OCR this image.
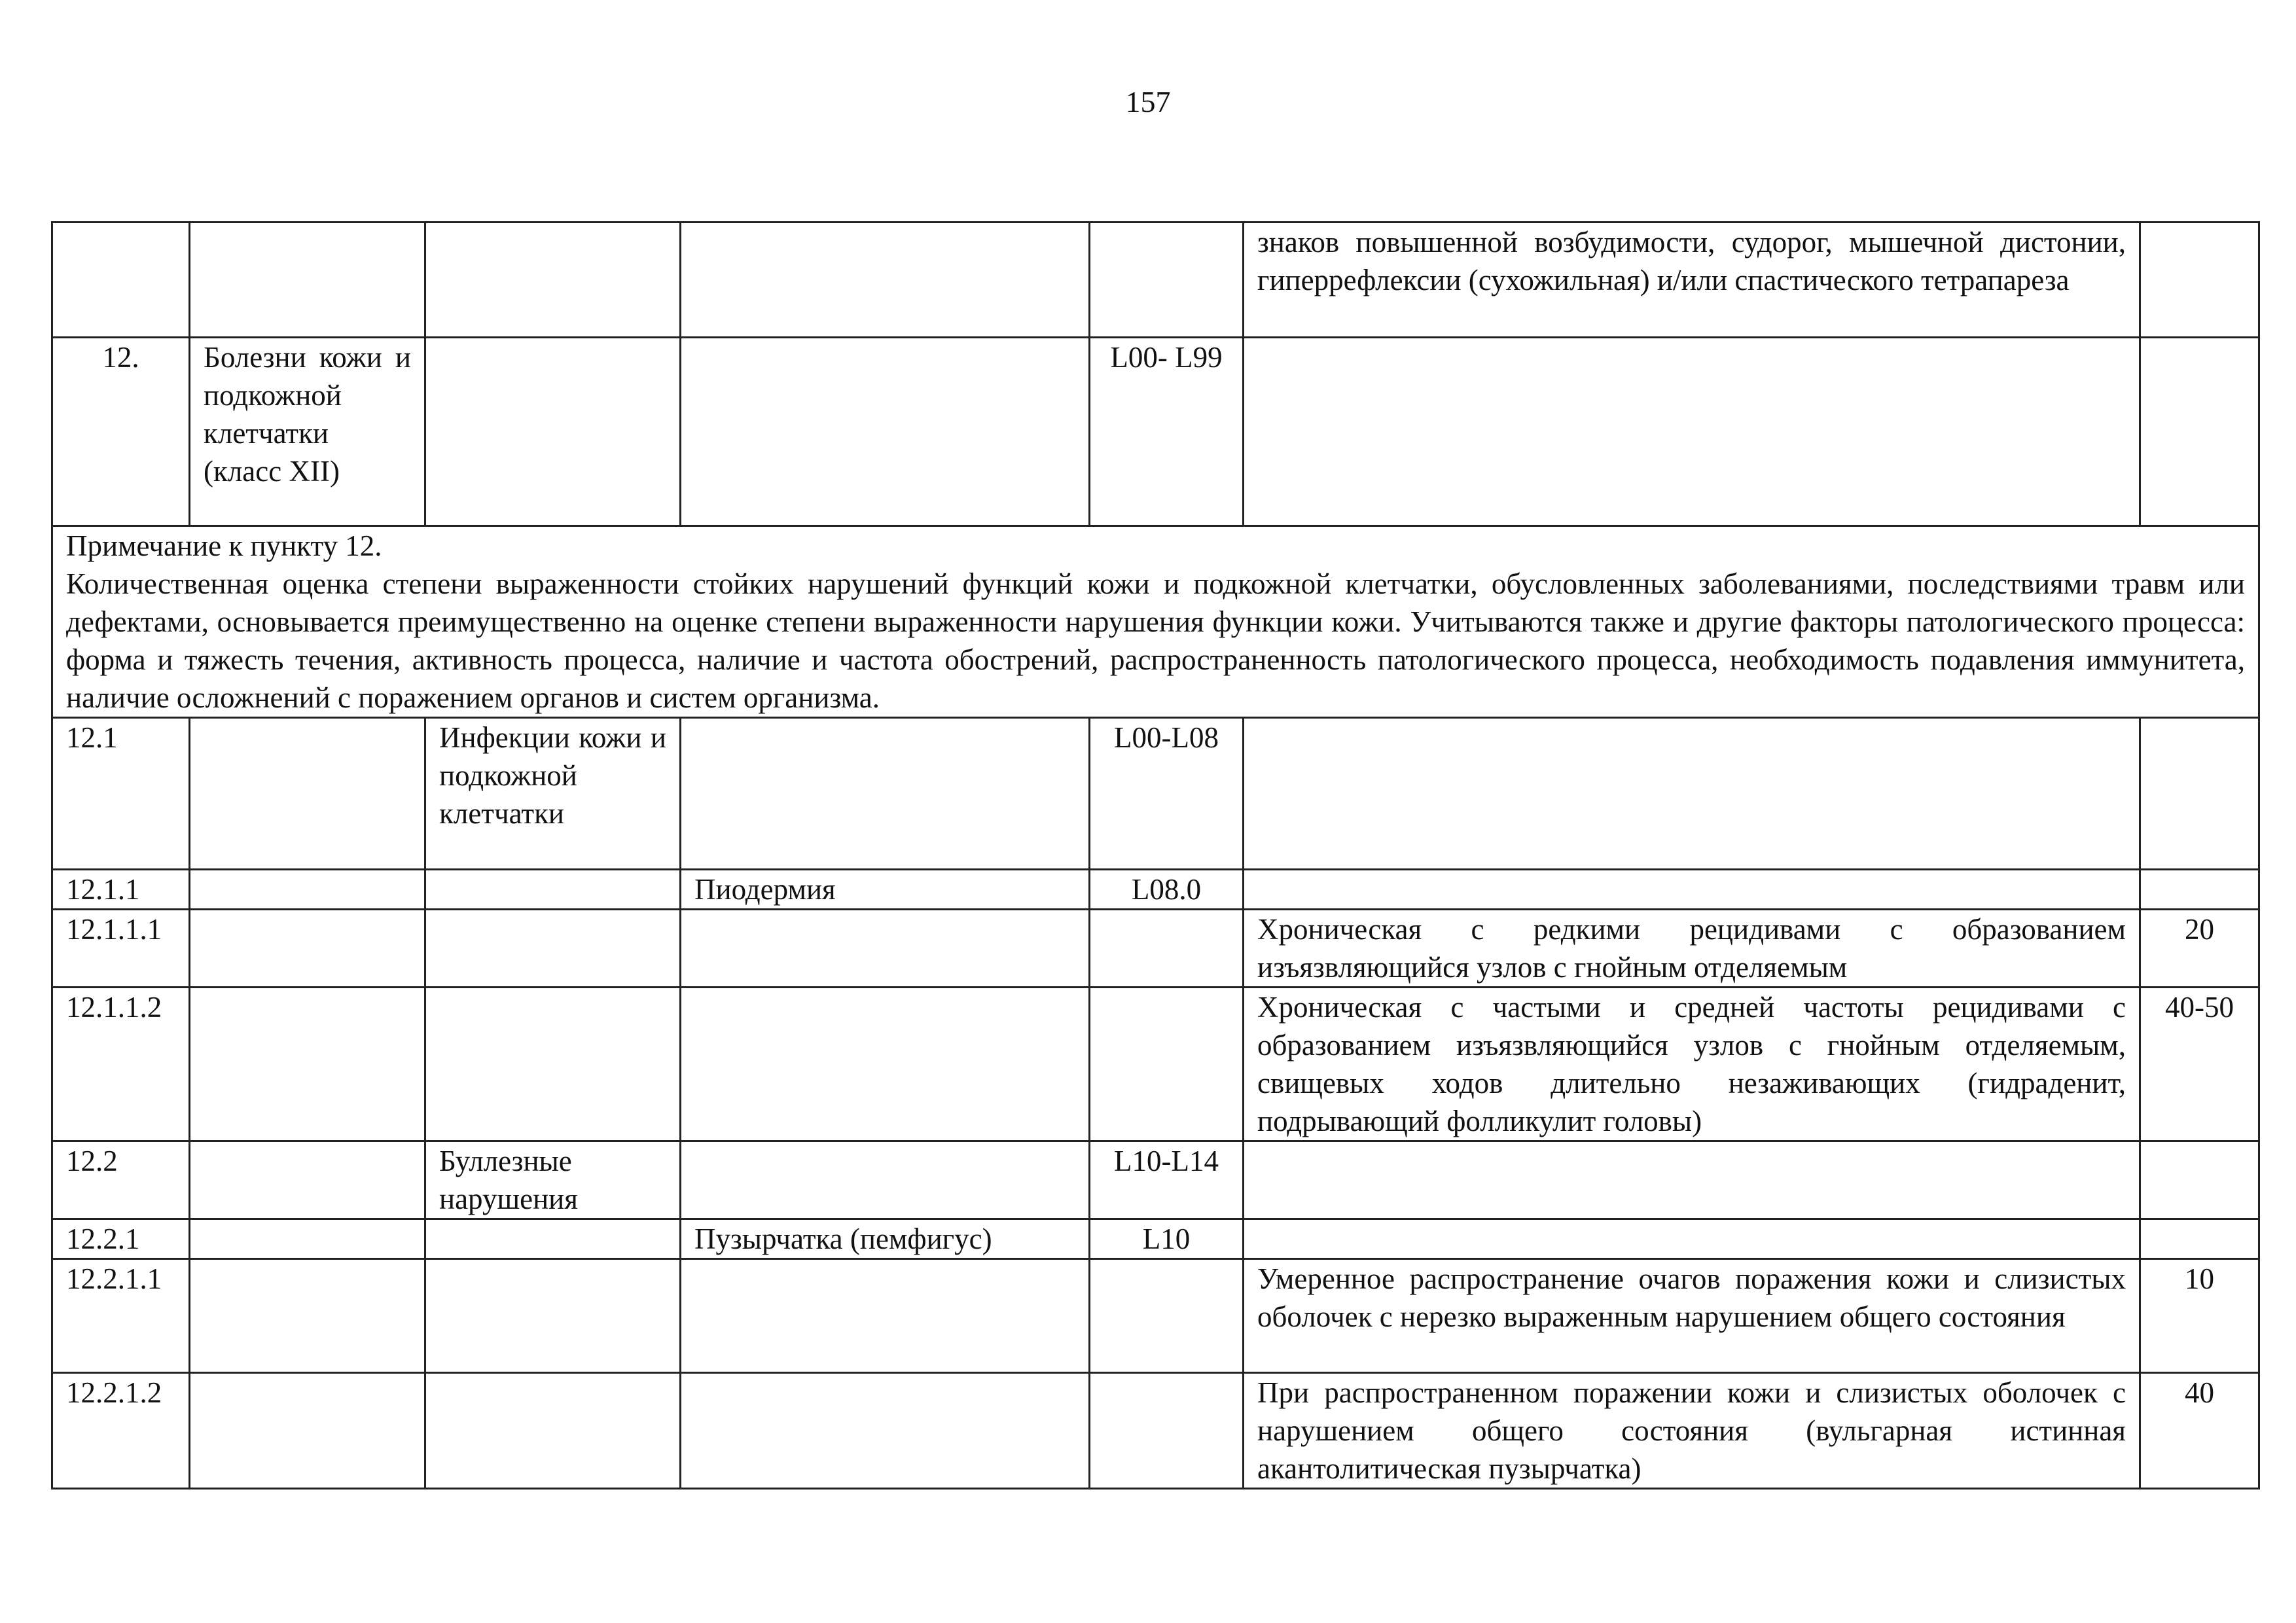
157
					знаков повышенной возбудимости, судорог, мышечной дистонии, гиперрефлексии (сухожильная) и/или спастического тетрапареза	
12.	Болезни кожи и подкожной клетчатки (класс XII)			L00- L99		

Примечание к пункту 12.
Количественная оценка степени выраженности стойких нарушений функций кожи и подкожной клетчатки, обусловленных заболеваниями, последствиями травм или дефектами, основывается преимущественно на оценке степени выраженности нарушения функции кожи. Учитываются также и другие факторы патологического процесса: форма и тяжесть течения, активность процесса, наличие и частота обострений, распространенность патологического процесса, необходимость подавления иммунитета, наличие осложнений с поражением органов и систем организма.						

12.1		Инфекции кожи и подкожной клетчатки		L00-L08		
12.1.1			Пиодермия	L08.0		
12.1.1.1					Хроническая с редкими рецидивами с образованием изъязвляющийся узлов с гнойным отделяемым	20
12.1.1.2					Хроническая с частыми и средней частоты рецидивами с образованием изъязвляющийся узлов с гнойным отделяемым, свищевых ходов длительно незаживающих (гидраденит, подрывающий фолликулит головы)	40-50
12.2		Буллезные нарушения		L10-L14		
12.2.1			Пузырчатка (пемфигус)	L10		
12.2.1.1					Умеренное распространение очагов поражения кожи и слизистых оболочек с нерезко выраженным нарушением общего состояния	10
12.2.1.2					При распространенном поражении кожи и слизистых оболочек с нарушением общего состояния (вульгарная истинная акантолитическая пузырчатка)	40
